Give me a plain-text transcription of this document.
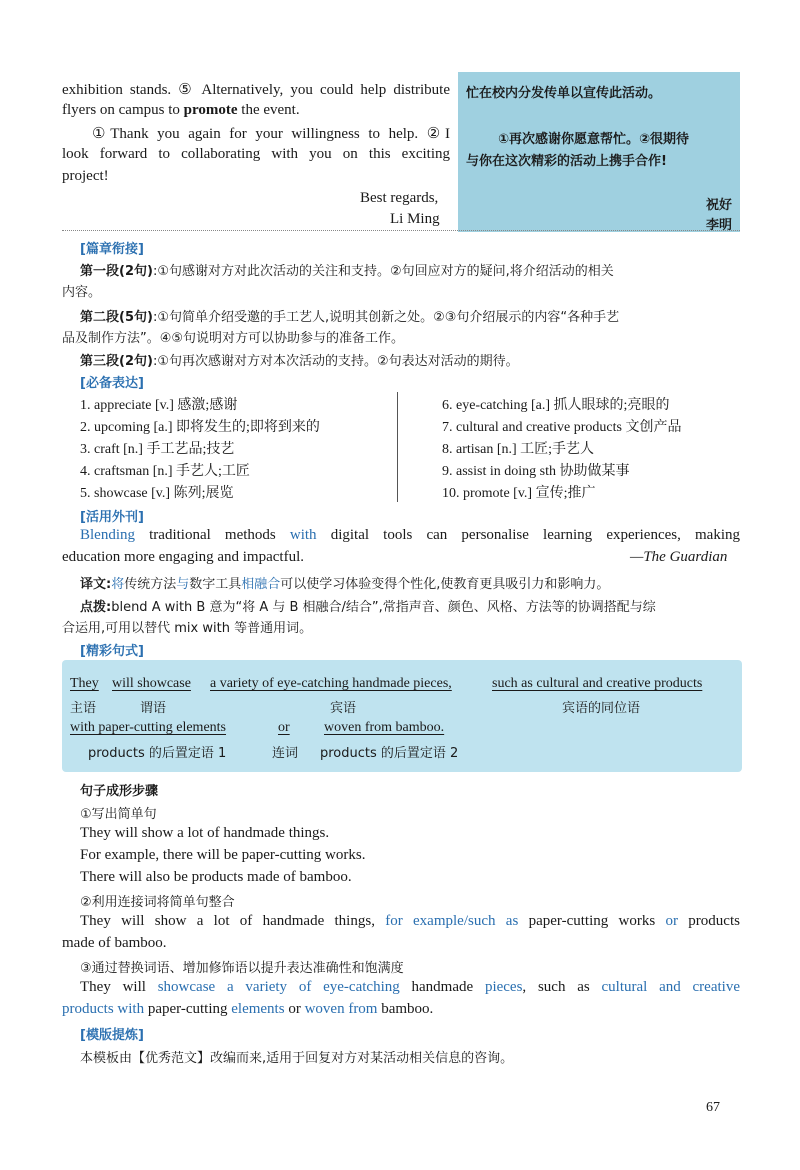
exhibition stands. ⑤ Alternatively, you could help distribute
flyers on campus to promote the event.
①Thank you again for your willingness to help. ②I
look forward to collaborating with you on this exciting
project!
Best regards,
Li Ming
忙在校内分发传单以宣传此活动。
①再次感谢你愿意帮忙。②很期待
与你在这次精彩的活动上携手合作!
祝好
李明
[篇章衔接]
第一段(2句):①句感谢对方对此次活动的关注和支持。②句回应对方的疑问,将介绍活动的相关
内容。
第二段(5句):①句简单介绍受邀的手工艺人,说明其创新之处。②③句介绍展示的内容“各种手艺
品及制作方法”。④⑤句说明对方可以协助参与的准备工作。
第三段(2句):①句再次感谢对方对本次活动的支持。②句表达对活动的期待。
[必备表达]
1. appreciate [v.] 感激;感谢
2. upcoming [a.] 即将发生的;即将到来的
3. craft [n.] 手工艺品;技艺
4. craftsman [n.] 手艺人;工匠
5. showcase [v.] 陈列;展览
6. eye-catching [a.] 抓人眼球的;亮眼的
7. cultural and creative products 文创产品
8. artisan [n.] 工匠;手艺人
9. assist in doing sth 协助做某事
10. promote [v.] 宣传;推广
[活用外刊]
Blending traditional methods with digital tools can personalise learning experiences, making
education more engaging and impactful.	—The Guardian
译文:将传统方法与数字工具相融合可以使学习体验变得个性化,使教育更具吸引力和影响力。
点拨:blend A with B 意为“将 A 与 B 相融合/结合”,常指声音、颜色、风格、方法等的协调搭配与综
合运用,可用以替代 mix with 等普通用词。
[精彩句式]
They will showcase a variety of eye-catching handmade pieces,	such as cultural and creative products
主语	谓语	宾语	宾语的同位语
with paper-cutting elements	or woven from bamboo.
products 的后置定语 1	连词 products 的后置定语 2
句子成形步骤
①写出简单句
They will show a lot of handmade things.
For example, there will be paper-cutting works.
There will also be products made of bamboo.
②利用连接词将简单句整合
They will show a lot of handmade things, for example/such as paper-cutting works or products
made of bamboo.
③通过替换词语、增加修饰语以提升表达准确性和饱满度
They will showcase a variety of eye-catching handmade pieces, such as cultural and creative
products with paper-cutting elements or woven from bamboo.
[模版提炼]
本模板由【优秀范文】改编而来,适用于回复对方对某活动相关信息的咨询。
67
